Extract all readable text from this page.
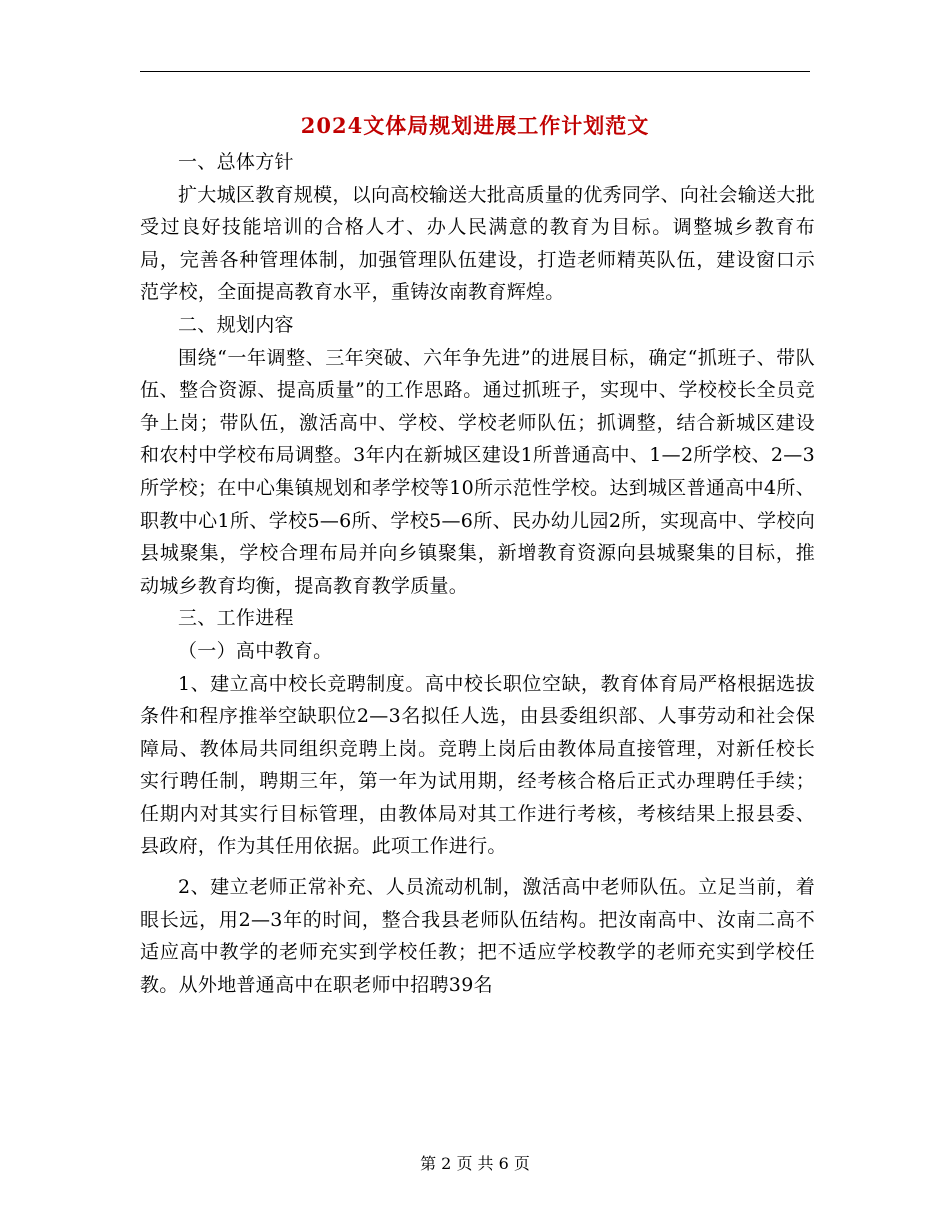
2024文体局规划进展工作计划范文

一、总体方针

扩大城区教育规模，以向高校输送大批高质量的优秀同学、向社会输送大批受过良好技能培训的合格人才、办人民满意的教育为目标。调整城乡教育布局，完善各种管理体制，加强管理队伍建设，打造老师精英队伍，建设窗口示范学校，全面提高教育水平，重铸汝南教育辉煌。

二、规划内容

围绕“一年调整、三年突破、六年争先进”的进展目标，确定“抓班子、带队伍、整合资源、提高质量”的工作思路。通过抓班子，实现中、学校校长全员竞争上岗；带队伍，激活高中、学校、学校老师队伍；抓调整，结合新城区建设和农村中学校布局调整。3年内在新城区建设1所普通高中、1—2所学校、2—3所学校；在中心集镇规划和孝学校等10所示范性学校。达到城区普通高中4所、职教中心1所、学校5—6所、学校5—6所、民办幼儿园2所，实现高中、学校向县城聚集，学校合理布局并向乡镇聚集，新增教育资源向县城聚集的目标，推动城乡教育均衡，提高教育教学质量。

三、工作进程

（一）高中教育。

1、建立高中校长竞聘制度。高中校长职位空缺，教育体育局严格根据选拔条件和程序推举空缺职位2—3名拟任人选，由县委组织部、人事劳动和社会保障局、教体局共同组织竞聘上岗。竞聘上岗后由教体局直接管理，对新任校长实行聘任制，聘期三年，第一年为试用期，经考核合格后正式办理聘任手续；任期内对其实行目标管理，由教体局对其工作进行考核，考核结果上报县委、县政府，作为其任用依据。此项工作进行。

2、建立老师正常补充、人员流动机制，激活高中老师队伍。立足当前，着眼长远，用2—3年的时间，整合我县老师队伍结构。把汝南高中、汝南二高不适应高中教学的老师充实到学校任教；把不适应学校教学的老师充实到学校任教。从外地普通高中在职老师中招聘39名

第 2 页 共 6 页
